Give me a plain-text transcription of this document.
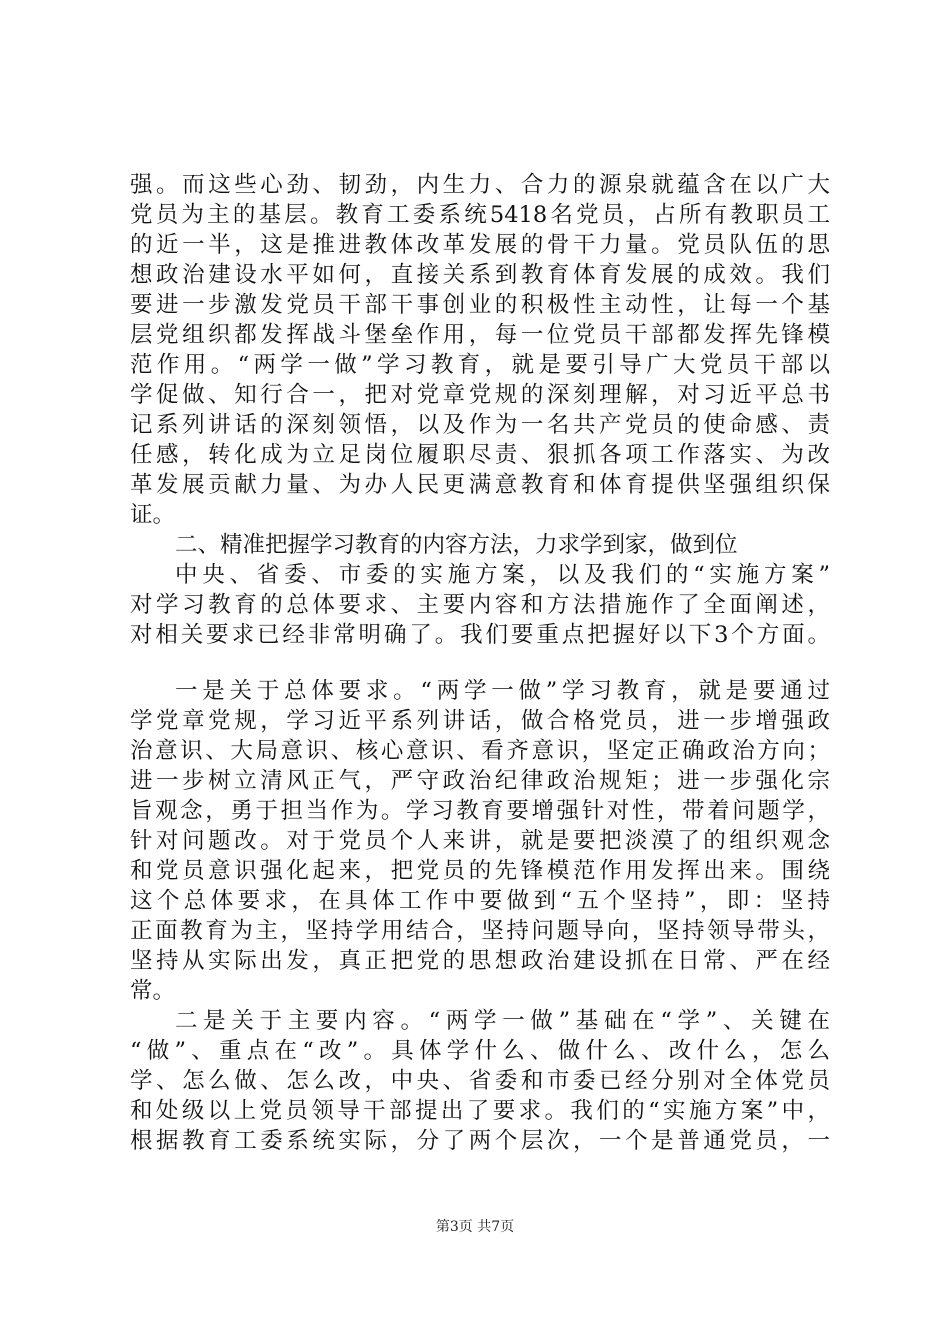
强。而这些心劲、韧劲，内生力、合力的源泉就蕴含在以广大
党员为主的基层。教育工委系统5418名党员，占所有教职员工
的近一半，这是推进教体改革发展的骨干力量。党员队伍的思
想政治建设水平如何，直接关系到教育体育发展的成效。我们
要进一步激发党员干部干事创业的积极性主动性，让每一个基
层党组织都发挥战斗堡垒作用，每一位党员干部都发挥先锋模
范作用。“两学一做”学习教育，就是要引导广大党员干部以
学促做、知行合一，把对党章党规的深刻理解，对习近平总书
记系列讲话的深刻领悟，以及作为一名共产党员的使命感、责
任感，转化成为立足岗位履职尽责、狠抓各项工作落实、为改
革发展贡献力量、为办人民更满意教育和体育提供坚强组织保
证。
二、精准把握学习教育的内容方法，力求学到家，做到位
中央、省委、市委的实施方案，以及我们的“实施方案”
对学习教育的总体要求、主要内容和方法措施作了全面阐述，
对相关要求已经非常明确了。我们要重点把握好以下3个方面。
一是关于总体要求。“两学一做”学习教育，就是要通过
学党章党规，学习近平系列讲话，做合格党员，进一步增强政
治意识、大局意识、核心意识、看齐意识，坚定正确政治方向；
进一步树立清风正气，严守政治纪律政治规矩；进一步强化宗
旨观念，勇于担当作为。学习教育要增强针对性，带着问题学，
针对问题改。对于党员个人来讲，就是要把淡漠了的组织观念
和党员意识强化起来，把党员的先锋模范作用发挥出来。围绕
这个总体要求，在具体工作中要做到“五个坚持”，即：坚持
正面教育为主，坚持学用结合，坚持问题导向，坚持领导带头，
坚持从实际出发，真正把党的思想政治建设抓在日常、严在经
常。
二是关于主要内容。“两学一做”基础在“学”、关键在
“做”、重点在“改”。具体学什么、做什么、改什么，怎么
学、怎么做、怎么改，中央、省委和市委已经分别对全体党员
和处级以上党员领导干部提出了要求。我们的“实施方案”中，
根据教育工委系统实际，分了两个层次，一个是普通党员，一
第3页 共7页
